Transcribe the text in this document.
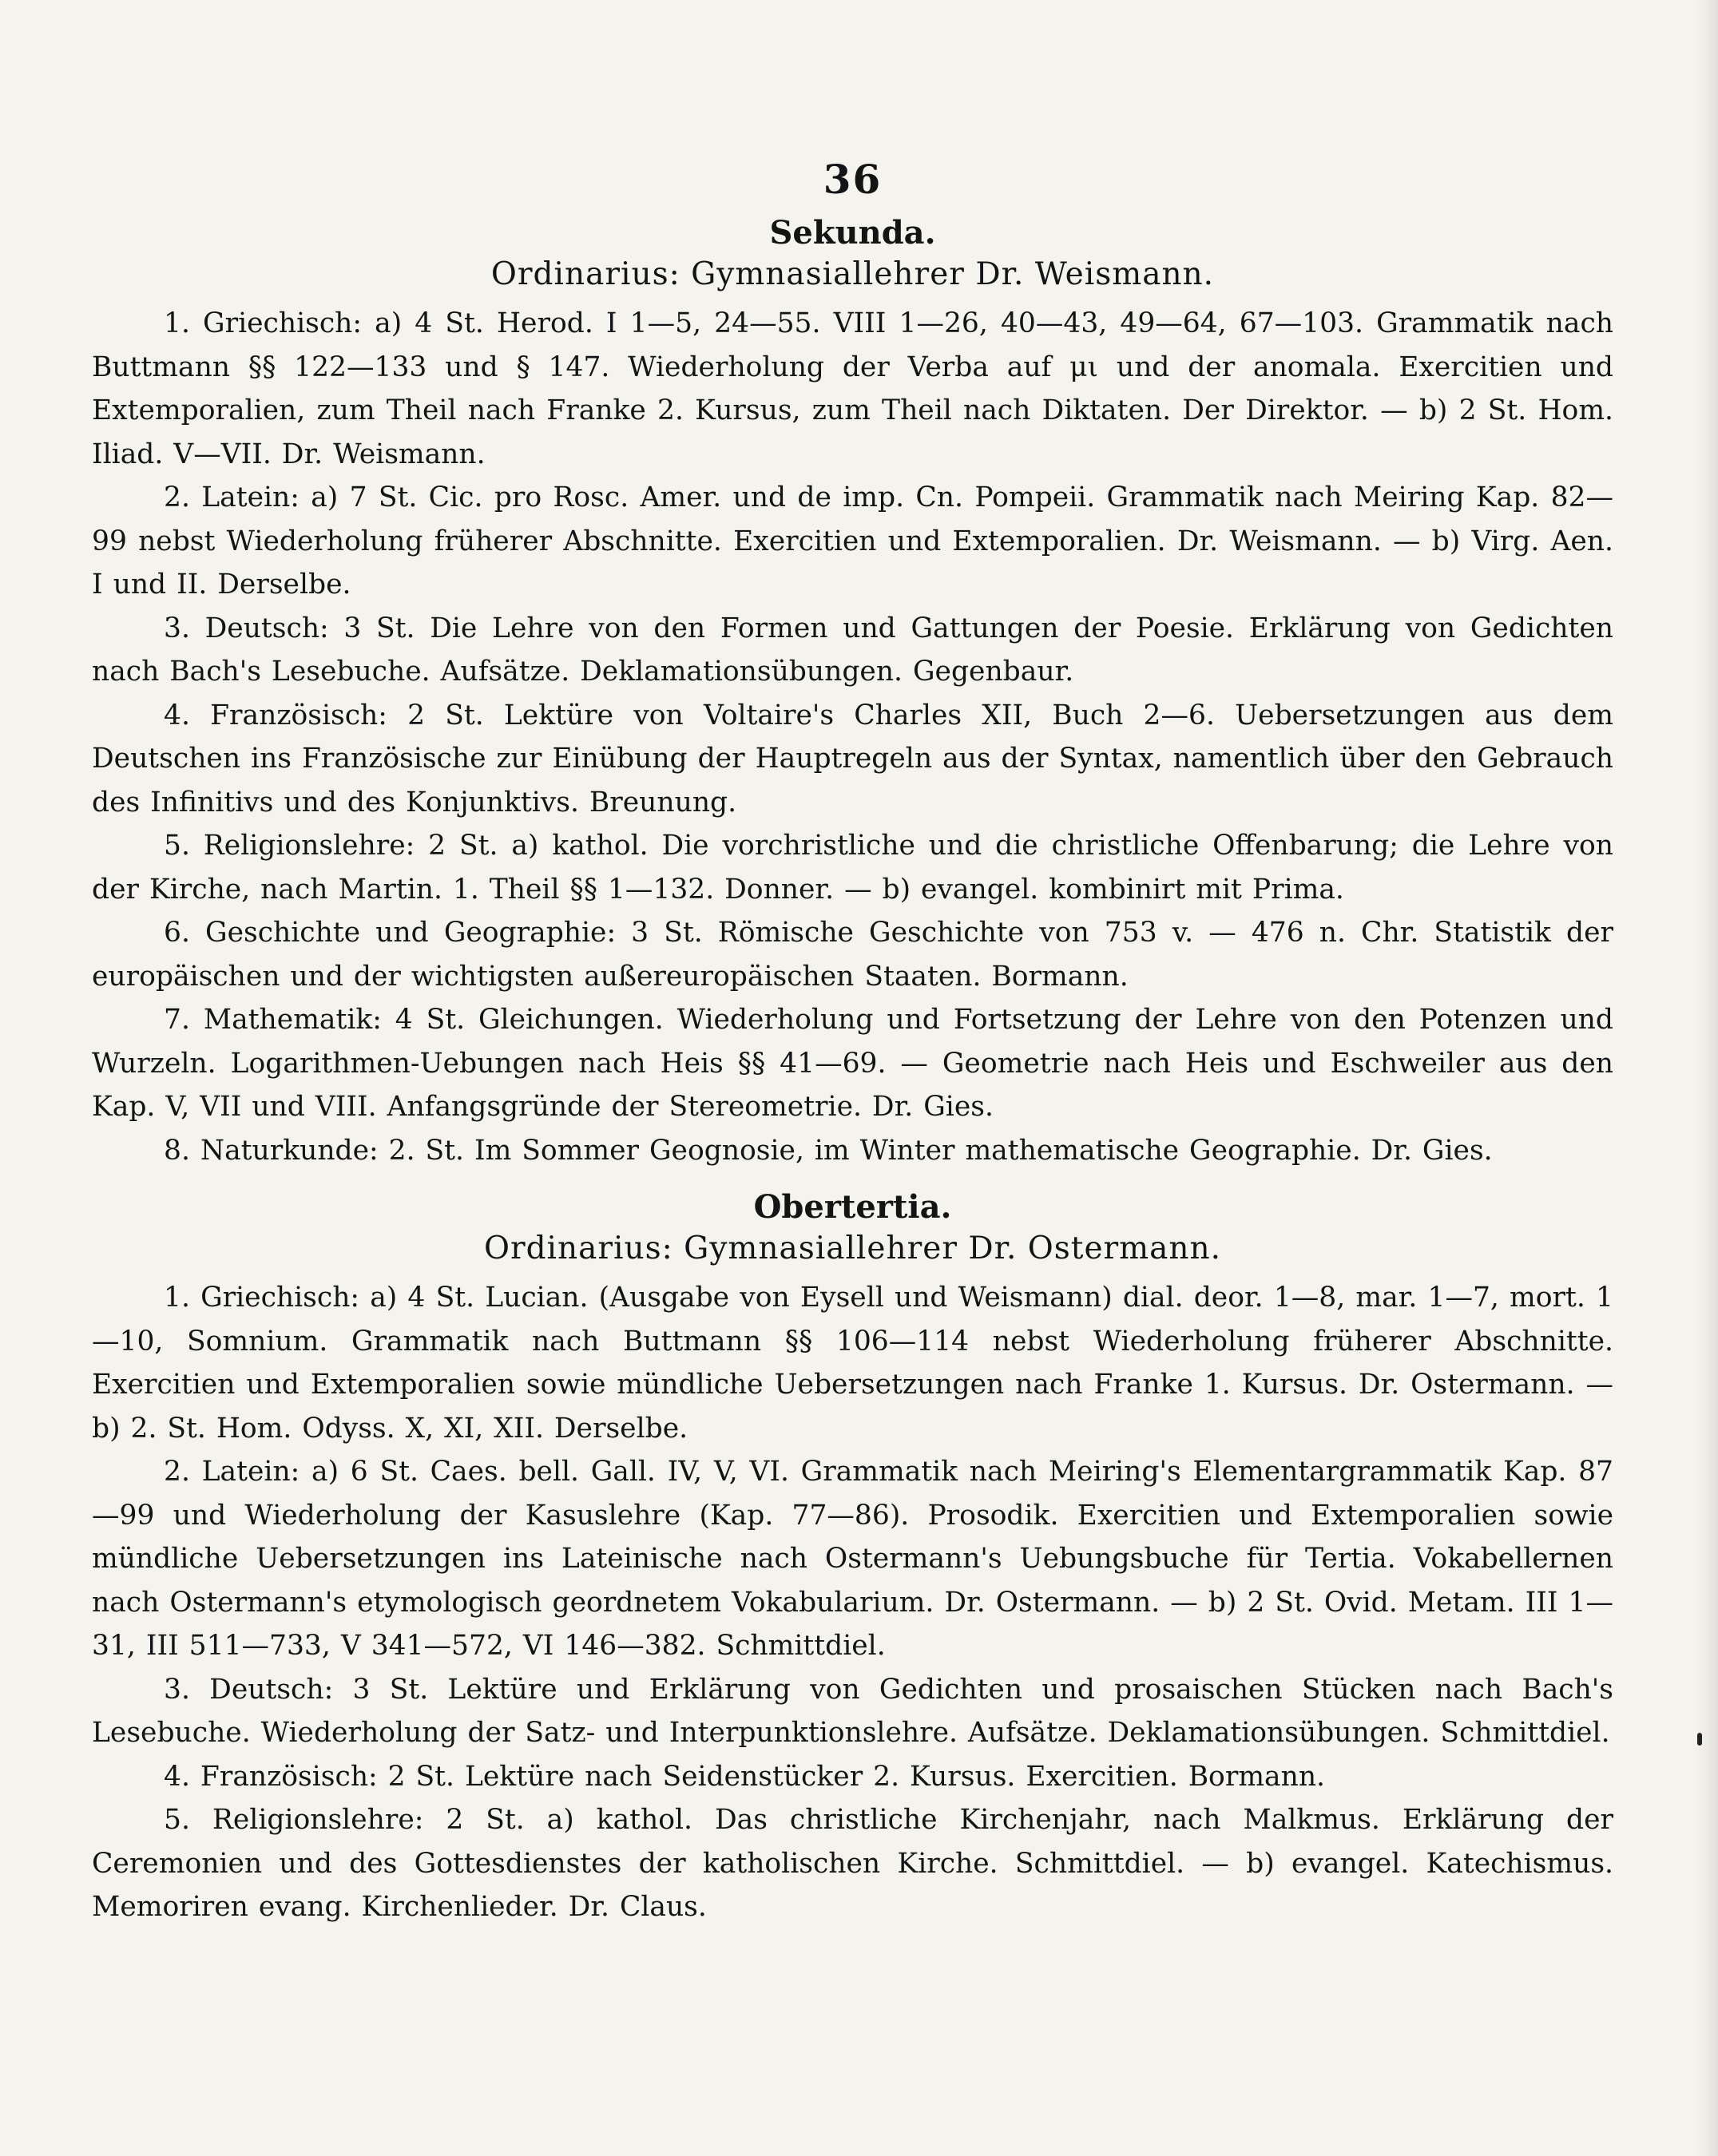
36
Sekunda.
Ordinarius: Gymnasiallehrer Dr. Weismann.

1. Griechisch: a) 4 St. Herod. I 1—5, 24—55. VIII 1—26, 40—43, 49—64, 67—103. Grammatik nach Buttmann §§ 122—133 und § 147. Wiederholung der Verba auf μι und der anomala. Exercitien und Extemporalien, zum Theil nach Franke 2. Kursus, zum Theil nach Diktaten. Der Direktor. — b) 2 St. Hom. Iliad. V—VII. Dr. Weismann.

2. Latein: a) 7 St. Cic. pro Rosc. Amer. und de imp. Cn. Pompeii. Grammatik nach Meiring Kap. 82—99 nebst Wiederholung früherer Abschnitte. Exercitien und Extemporalien. Dr. Weismann. — b) Virg. Aen. I und II. Derselbe.

3. Deutsch: 3 St. Die Lehre von den Formen und Gattungen der Poesie. Erklärung von Gedichten nach Bach's Lesebuche. Aufsätze. Deklamationsübungen. Gegenbaur.

4. Französisch: 2 St. Lektüre von Voltaire's Charles XII, Buch 2—6. Uebersetzungen aus dem Deutschen ins Französische zur Einübung der Hauptregeln aus der Syntax, namentlich über den Gebrauch des Infinitivs und des Konjunktivs. Breunung.

5. Religionslehre: 2 St. a) kathol. Die vorchristliche und die christliche Offenbarung; die Lehre von der Kirche, nach Martin. 1. Theil §§ 1—132. Donner. — b) evangel. kombinirt mit Prima.

6. Geschichte und Geographie: 3 St. Römische Geschichte von 753 v. — 476 n. Chr. Statistik der europäischen und der wichtigsten außereuropäischen Staaten. Bormann.

7. Mathematik: 4 St. Gleichungen. Wiederholung und Fortsetzung der Lehre von den Potenzen und Wurzeln. Logarithmen-Uebungen nach Heis §§ 41—69. — Geometrie nach Heis und Eschweiler aus den Kap. V, VII und VIII. Anfangsgründe der Stereometrie. Dr. Gies.

8. Naturkunde: 2. St. Im Sommer Geognosie, im Winter mathematische Geographie. Dr. Gies.

Obertertia.
Ordinarius: Gymnasiallehrer Dr. Ostermann.

1. Griechisch: a) 4 St. Lucian. (Ausgabe von Eysell und Weismann) dial. deor. 1—8, mar. 1—7, mort. 1—10, Somnium. Grammatik nach Buttmann §§ 106—114 nebst Wiederholung früherer Abschnitte. Exercitien und Extemporalien sowie mündliche Uebersetzungen nach Franke 1. Kursus. Dr. Ostermann. — b) 2. St. Hom. Odyss. X, XI, XII. Derselbe.

2. Latein: a) 6 St. Caes. bell. Gall. IV, V, VI. Grammatik nach Meiring's Elementargrammatik Kap. 87—99 und Wiederholung der Kasuslehre (Kap. 77—86). Prosodik. Exercitien und Extemporalien sowie mündliche Uebersetzungen ins Lateinische nach Ostermann's Uebungsbuche für Tertia. Vokabellernen nach Ostermann's etymologisch geordnetem Vokabularium. Dr. Ostermann. — b) 2 St. Ovid. Metam. III 1—31, III 511—733, V 341—572, VI 146—382. Schmittdiel.

3. Deutsch: 3 St. Lektüre und Erklärung von Gedichten und prosaischen Stücken nach Bach's Lesebuche. Wiederholung der Satz- und Interpunktionslehre. Aufsätze. Deklamationsübungen. Schmittdiel.

4. Französisch: 2 St. Lektüre nach Seidenstücker 2. Kursus. Exercitien. Bormann.

5. Religionslehre: 2 St. a) kathol. Das christliche Kirchenjahr, nach Malkmus. Erklärung der Ceremonien und des Gottesdienstes der katholischen Kirche. Schmittdiel. — b) evangel. Katechismus. Memoriren evang. Kirchenlieder. Dr. Claus.
